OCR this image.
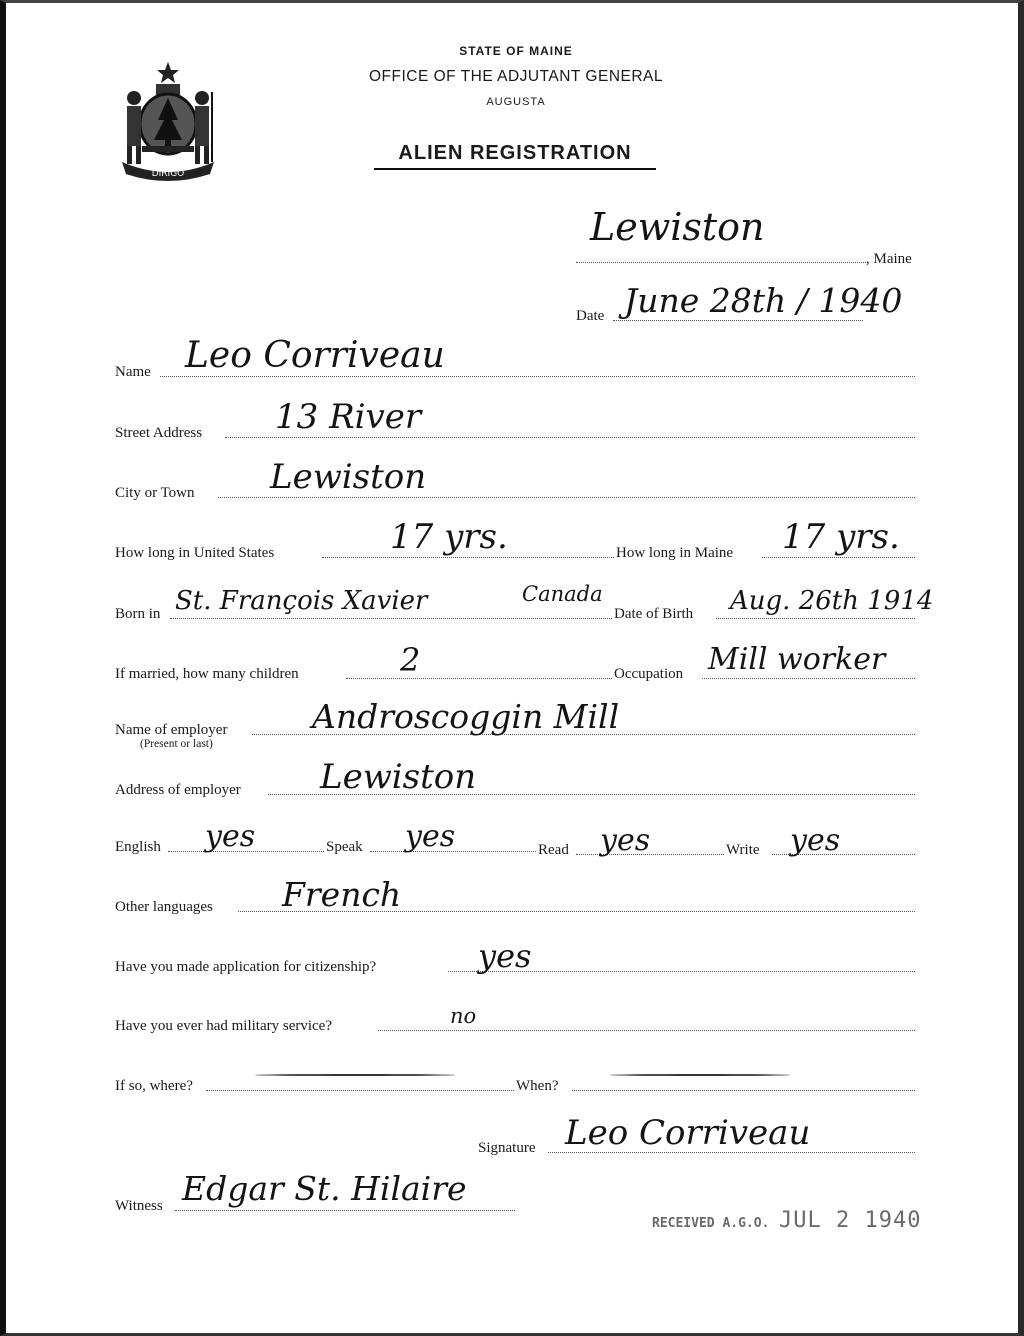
DIRIGO
STATE OF MAINE
OFFICE OF THE ADJUTANT GENERAL
AUGUSTA
ALIEN REGISTRATION
Lewiston
, Maine
Date June 28th / 1940
Name Leo Corriveau
Street Address 13 River
City or Town Lewiston
How long in United States	17 yrs.	How long in Maine 17 yrs.
Born in St. François Xavier	Canada
Date of Birth Aug. 26th 1914
If married, how many children	2	Occupation Mill worker
Name of employer
(Present or last)
Androscoggin Mill
Address of employer Lewiston
English yes	Speak yes	Read yes	Write yes
Other languages French
Have you made application for citizenship?	yes
Have you ever had military service?	no
If so, where?	When?
Signature Leo Corriveau
Witness Edgar St. Hilaire
RECEIVED A.G.O. JUL 2 1940
